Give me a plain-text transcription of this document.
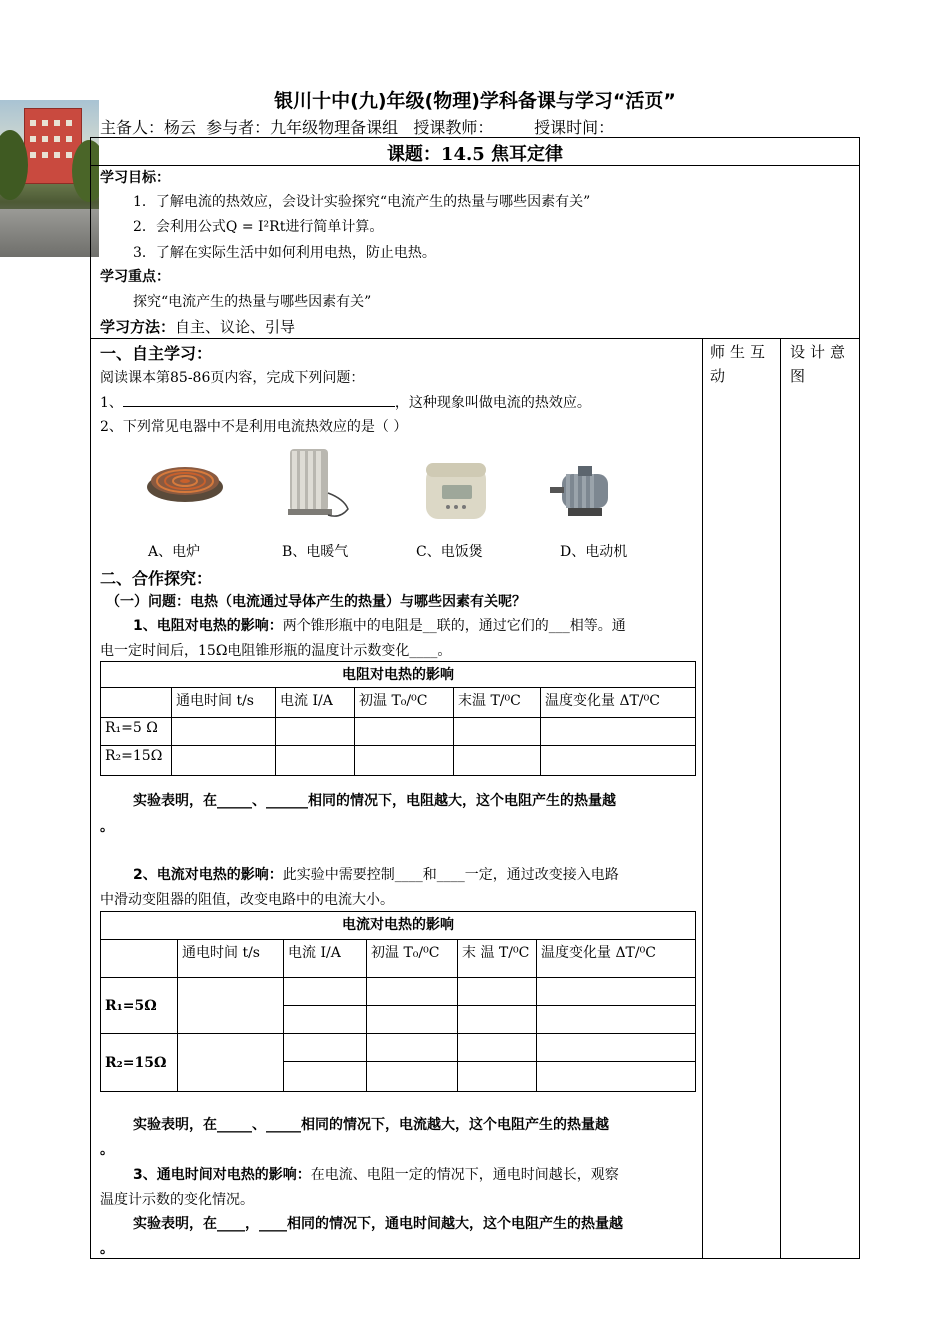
银川十中(九)年级(物理)学科备课与学习“活页”
主备人：杨云  参与者：九年级物理备课组   授课教师：        授课时间：
课题：14.5 焦耳定律
学习目标：
1．了解电流的热效应，会设计实验探究“电流产生的热量与哪些因素有关”
2．会利用公式Q = I²Rt进行简单计算。
3．了解在实际生活中如何利用电热，防止电热。
学习重点：
探究“电流产生的热量与哪些因素有关”
学习方法：自主、议论、引导
师生互动
设计意图
一、自主学习：
阅读课本第85-86页内容，完成下列问题：
1、	，这种现象叫做电流的热效应。
2、下列常见电器中不是利用电流热效应的是（ ）
A、电炉	B、电暖气	C、电饭煲	D、电动机
二、合作探究：
（一）问题：电热（电流通过导体产生的热量）与哪些因素有关呢？
1、电阻对电热的影响：两个锥形瓶中的电阻是__联的，通过它们的___相等。通
电一定时间后，15Ω电阻锥形瓶的温度计示数变化____。
电阻对电热的影响					
	通电时间 t/s	电流 I/A	初温 T₀/⁰C	末温 T/⁰C	温度变化量 ΔT/⁰C
R₁=5 Ω					
R₂=15Ω					
实验表明，在_____、______相同的情况下，电阻越大，这个电阻产生的热量越
。
2、电流对电热的影响：此实验中需要控制____和____一定，通过改变接入电路
中滑动变阻器的阻值，改变电路中的电流大小。
电流对电热的影响					
	通电时间 t/s	电流 I/A	初温 T₀/⁰C	末 温 T/⁰C	温度变化量 ΔT/⁰C
R₁=5Ω					

R₂=15Ω					

实验表明，在_____、_____相同的情况下，电流越大，这个电阻产生的热量越
。
3、通电时间对电热的影响：在电流、电阻一定的情况下，通电时间越长，观察
温度计示数的变化情况。
实验表明，在____，____相同的情况下，通电时间越大，这个电阻产生的热量越
。
